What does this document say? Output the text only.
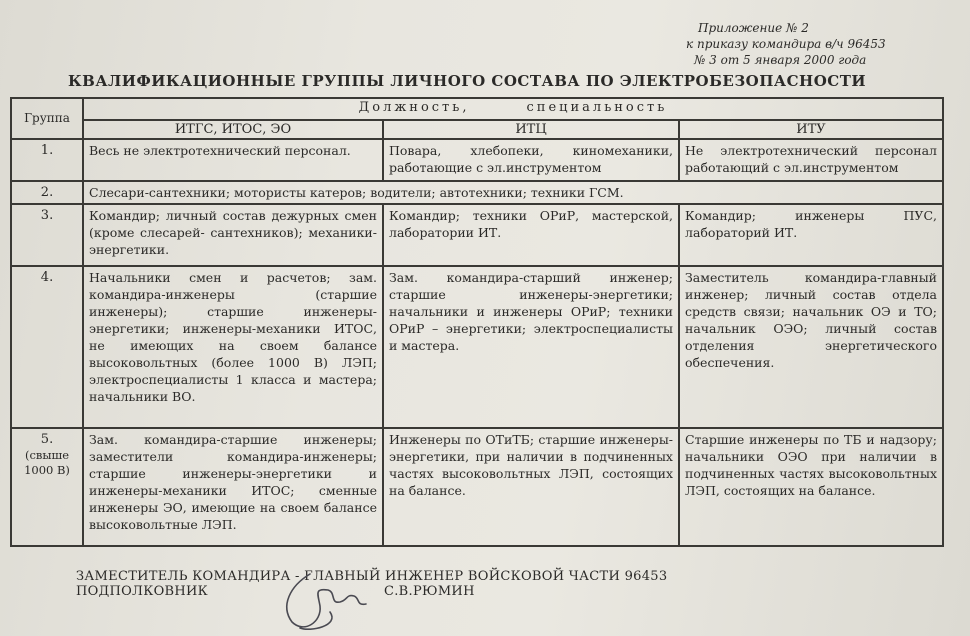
Приложение № 2
к приказу командира в/ч 96453
№ 3 от 5 января 2000 года
КВАЛИФИКАЦИОННЫЕ ГРУППЫ ЛИЧНОГО СОСТАВА ПО ЭЛЕКТРОБЕЗОПАСНОСТИ
Группа	Должность,        специальность		
	ИТГС, ИТОС, ЭО	ИТЦ	ИТУ
1.	Весь не электротехнический персонал.	Повара, хлебопеки, киномеханики, работающие с эл.инструментом	Не электротехнический персонал работающий с эл.инструментом
2.	Слесари-сантехники; мотористы катеров; водители; автотехники; техники ГСМ.		
3.	Командир; личный состав дежурных смен (кроме слесарей- сантехников); механики-энергетики.	Командир; техники ОРиР, мастерской, лаборатории ИТ.	Командир; инженеры ПУС, лабораторий ИТ.
4.	Начальники смен и расчетов; зам. командира-инженеры (старшие инженеры); старшие инженеры-энергетики; инженеры-механики ИТОС, не имеющих на своем балансе высоковольтных (более 1000 В) ЛЭП; электроспециалисты 1 класса и мастера; начальники ВО.	Зам. командира-старший инженер; старшие инженеры-энергетики; начальники и инженеры ОРиР; техники ОРиР – энергетики; электроспециалисты и мастера.	Заместитель командира-главный инженер; личный состав отдела средств связи; начальник ОЭ и ТО; начальник ОЭО; личный состав отделения энергетического обеспечения.

5.
(свыше 1000 В)	Зам. командира-старшие инженеры; заместители командира-инженеры; старшие инженеры-энергетики и инженеры-механики ИТОС; сменные инженеры ЭО, имеющие на своем балансе высоковольтные ЛЭП.	Инженеры по ОТиТБ; старшие инженеры-энергетики, при наличии в подчиненных частях высоковольтных ЛЭП, состоящих на балансе.	Старшие инженеры по ТБ и надзору; начальники ОЭО при наличии в подчиненных частях высоковольтных ЛЭП, состоящих на балансе.
ЗАМЕСТИТЕЛЬ КОМАНДИРА - ГЛАВНЫЙ ИНЖЕНЕР ВОЙСКОВОЙ ЧАСТИ 96453
ПОДПОЛКОВНИК	С.В.РЮМИН
